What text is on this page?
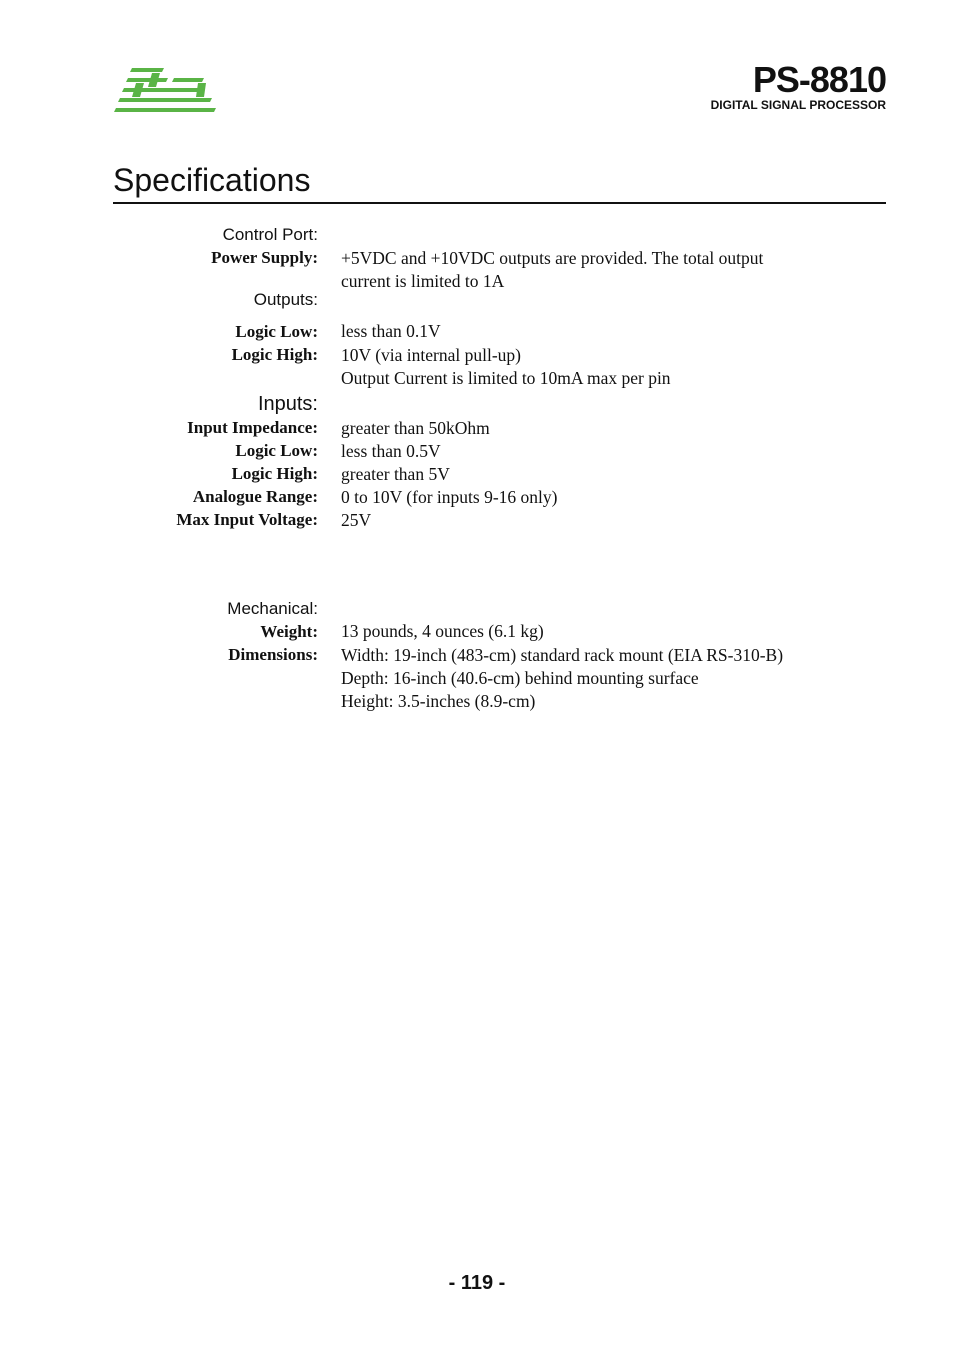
PS-8810
DIGITAL SIGNAL PROCESSOR
Specifications
Control Port:
Power Supply: +5VDC and +10VDC outputs are provided. The total output
current is limited to 1A
Outputs:
Logic Low: less than 0.1V
Logic High: 10V (via internal pull-up)
Output Current is limited to 10mA max per pin
Inputs:
Input Impedance: greater than 50kOhm
Logic Low: less than 0.5V
Logic High: greater than 5V
Analogue Range: 0 to 10V (for inputs 9-16 only)
Max Input Voltage: 25V
Mechanical:
Weight: 13 pounds, 4 ounces (6.1 kg)
Dimensions: Width: 19-inch (483-cm) standard rack mount (EIA RS-310-B)
Depth: 16-inch (40.6-cm) behind mounting surface
Height: 3.5-inches (8.9-cm)
- 119 -
